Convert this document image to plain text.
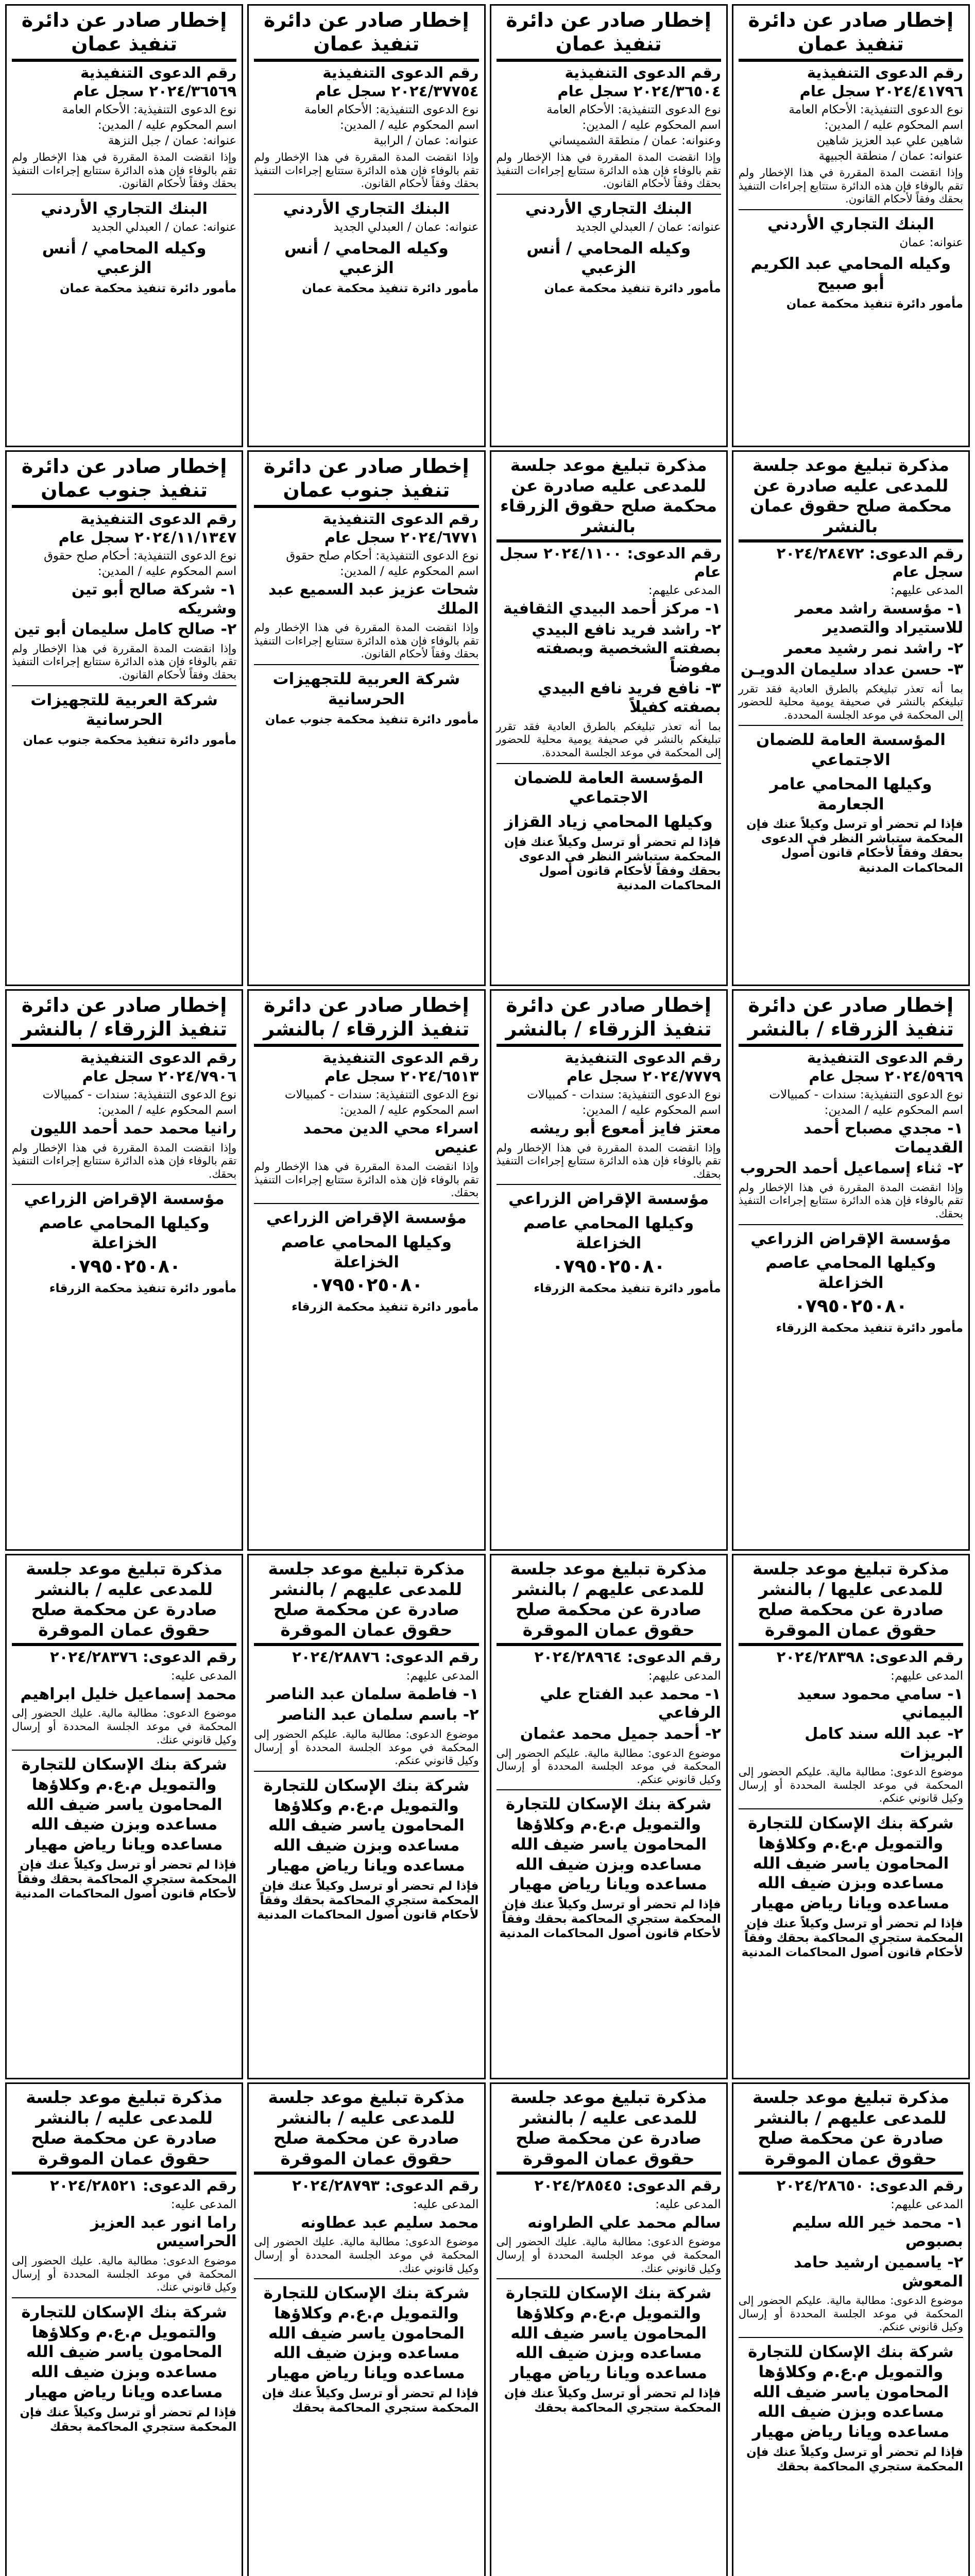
إخطار صادر عن دائرة تنفيذ عمان
رقم الدعوى التنفيذية ٢٠٢٤/٤١٧٩٦ سجل عام
نوع الدعوى التنفيذية: الأحكام العامة
اسم المحكوم عليه / المدين:
شاهين علي عبد العزيز شاهين
عنوانه: عمان / منطقة الجبيهة
وإذا انقضت المدة المقررة في هذا الإخطار ولم تقم بالوفاء فإن هذه الدائرة ستتابع إجراءات التنفيذ بحقك وفقاً لأحكام القانون.
البنك التجاري الأردني
عنوانه: عمان
وكيله المحامي عبد الكريم أبو صبيح
مأمور دائرة تنفيذ محكمة عمان
إخطار صادر عن دائرة تنفيذ عمان
رقم الدعوى التنفيذية ٢٠٢٤/٣٦٥٠٤ سجل عام
نوع الدعوى التنفيذية: الأحكام العامة
اسم المحكوم عليه / المدين:
وعنوانه: عمان / منطقة الشميساني
وإذا انقضت المدة المقررة في هذا الإخطار ولم تقم بالوفاء فإن هذه الدائرة ستتابع إجراءات التنفيذ بحقك وفقاً لأحكام القانون.
البنك التجاري الأردني
عنوانه: عمان / العبدلي الجديد
وكيله المحامي / أنس الزعبي
مأمور دائرة تنفيذ محكمة عمان
إخطار صادر عن دائرة تنفيذ عمان
رقم الدعوى التنفيذية ٢٠٢٤/٣٧٧٥٤ سجل عام
نوع الدعوى التنفيذية: الأحكام العامة
اسم المحكوم عليه / المدين:
عنوانه: عمان / الرابية
وإذا انقضت المدة المقررة في هذا الإخطار ولم تقم بالوفاء فإن هذه الدائرة ستتابع إجراءات التنفيذ بحقك وفقاً لأحكام القانون.
البنك التجاري الأردني
عنوانه: عمان / العبدلي الجديد
وكيله المحامي / أنس الزعبي
مأمور دائرة تنفيذ محكمة عمان
إخطار صادر عن دائرة تنفيذ عمان
رقم الدعوى التنفيذية ٢٠٢٤/٣٦٥٦٩ سجل عام
نوع الدعوى التنفيذية: الأحكام العامة
اسم المحكوم عليه / المدين:
عنوانه: عمان / جبل النزهة
وإذا انقضت المدة المقررة في هذا الإخطار ولم تقم بالوفاء فإن هذه الدائرة ستتابع إجراءات التنفيذ بحقك وفقاً لأحكام القانون.
البنك التجاري الأردني
عنوانه: عمان / العبدلي الجديد
وكيله المحامي / أنس الزعبي
مأمور دائرة تنفيذ محكمة عمان
مذكرة تبليغ موعد جلسة للمدعى عليه صادرة عن محكمة صلح حقوق عمان بالنشر
رقم الدعوى: ٢٠٢٤/٢٨٤٧٢ سجل عام
المدعى عليهم:
١- مؤسسة راشد معمر للاستيراد والتصدير
٢- راشد نمر رشيد معمر
٣- حسن عداد سليمان الدويـن
بما أنه تعذر تبليغكم بالطرق العادية فقد تقرر تبليغكم بالنشر في صحيفة يومية محلية للحضور إلى المحكمة في موعد الجلسة المحددة.
المؤسسة العامة للضمان الاجتماعي
وكيلها المحامي عامر الجعارمة
فإذا لم تحضر أو ترسل وكيلاً عنك فإن المحكمة ستباشر النظر في الدعوى بحقك وفقاً لأحكام قانون أصول المحاكمات المدنية
مذكرة تبليغ موعد جلسة للمدعى عليه صادرة عن محكمة صلح حقوق الزرقاء بالنشر
رقم الدعوى: ٢٠٢٤/١١٠٠ سجل عام
المدعى عليهم:
١- مركز أحمد البيدي الثقافية
٢- راشد فريد نافع البيدي بصفته الشخصية وبصفته مفوضاً
٣- نافع فريد نافع البيدي بصفته كفيلاً
بما أنه تعذر تبليغكم بالطرق العادية فقد تقرر تبليغكم بالنشر في صحيفة يومية محلية للحضور إلى المحكمة في موعد الجلسة المحددة.
المؤسسة العامة للضمان الاجتماعي
وكيلها المحامي زياد القزاز
فإذا لم تحضر أو ترسل وكيلاً عنك فإن المحكمة ستباشر النظر في الدعوى بحقك وفقاً لأحكام قانون أصول المحاكمات المدنية
إخطار صادر عن دائرة تنفيذ جنوب عمان
رقم الدعوى التنفيذية ٢٠٢٤/٦٧٧١ سجل عام
نوع الدعوى التنفيذية: أحكام صلح حقوق
اسم المحكوم عليه / المدين:
شحات عزيز عبد السميع عبد الملك
وإذا انقضت المدة المقررة في هذا الإخطار ولم تقم بالوفاء فإن هذه الدائرة ستتابع إجراءات التنفيذ بحقك وفقاً لأحكام القانون.
شركة العربية للتجهيزات الحرسانية
مأمور دائرة تنفيذ محكمة جنوب عمان
إخطار صادر عن دائرة تنفيذ جنوب عمان
رقم الدعوى التنفيذية ٢٠٢٤/١١/١٣٤٧ سجل عام
نوع الدعوى التنفيذية: أحكام صلح حقوق
اسم المحكوم عليه / المدين:
١- شركة صالح أبو تين وشريكه
٢- صالح كامل سليمان أبو تين
وإذا انقضت المدة المقررة في هذا الإخطار ولم تقم بالوفاء فإن هذه الدائرة ستتابع إجراءات التنفيذ بحقك وفقاً لأحكام القانون.
شركة العربية للتجهيزات الحرسانية
مأمور دائرة تنفيذ محكمة جنوب عمان
إخطار صادر عن دائرة تنفيذ الزرقاء / بالنشر
رقم الدعوى التنفيذية ٢٠٢٤/٥٩٦٩ سجل عام
نوع الدعوى التنفيذية: سندات - كمبيالات
اسم المحكوم عليه / المدين:
١- مجدي مصباح أحمد القديمات
٢- ثناء إسماعيل أحمد الحروب
وإذا انقضت المدة المقررة في هذا الإخطار ولم تقم بالوفاء فإن هذه الدائرة ستتابع إجراءات التنفيذ بحقك.
مؤسسة الإقراض الزراعي
وكيلها المحامي عاصم الخزاعلة
٠٧٩٥٠٢٥٠٨٠
مأمور دائرة تنفيذ محكمة الزرقاء
إخطار صادر عن دائرة تنفيذ الزرقاء / بالنشر
رقم الدعوى التنفيذية ٢٠٢٤/٧٧٧٩ سجل عام
نوع الدعوى التنفيذية: سندات - كمبيالات
اسم المحكوم عليه / المدين:
معتز فايز أمعوع أبو ريشه
وإذا انقضت المدة المقررة في هذا الإخطار ولم تقم بالوفاء فإن هذه الدائرة ستتابع إجراءات التنفيذ بحقك.
مؤسسة الإقراض الزراعي
وكيلها المحامي عاصم الخزاعلة
٠٧٩٥٠٢٥٠٨٠
مأمور دائرة تنفيذ محكمة الزرقاء
إخطار صادر عن دائرة تنفيذ الزرقاء / بالنشر
رقم الدعوى التنفيذية ٢٠٢٤/٦٥١٣ سجل عام
نوع الدعوى التنفيذية: سندات - كمبيالات
اسم المحكوم عليه / المدين:
اسراء محي الدين محمد عنيص
وإذا انقضت المدة المقررة في هذا الإخطار ولم تقم بالوفاء فإن هذه الدائرة ستتابع إجراءات التنفيذ بحقك.
مؤسسة الإقراض الزراعي
وكيلها المحامي عاصم الخزاعلة
٠٧٩٥٠٢٥٠٨٠
مأمور دائرة تنفيذ محكمة الزرقاء
إخطار صادر عن دائرة تنفيذ الزرقاء / بالنشر
رقم الدعوى التنفيذية ٢٠٢٤/٧٩٠٦ سجل عام
نوع الدعوى التنفيذية: سندات - كمبيالات
اسم المحكوم عليه / المدين:
رانيا محمد حمد أحمد الليون
وإذا انقضت المدة المقررة في هذا الإخطار ولم تقم بالوفاء فإن هذه الدائرة ستتابع إجراءات التنفيذ بحقك.
مؤسسة الإقراض الزراعي
وكيلها المحامي عاصم الخزاعلة
٠٧٩٥٠٢٥٠٨٠
مأمور دائرة تنفيذ محكمة الزرقاء
مذكرة تبليغ موعد جلسة للمدعى عليها / بالنشر صادرة عن محكمة صلح حقوق عمان الموقرة
رقم الدعوى: ٢٠٢٤/٢٨٣٩٨
المدعى عليهم:
١- سامي محمود سعيد البيماني
٢- عبد الله سند كامل البريزات
موضوع الدعوى: مطالبة مالية. عليكم الحضور إلى المحكمة في موعد الجلسة المحددة أو إرسال وكيل قانوني عنكم.
شركة بنك الإسكان للتجارة والتمويل م.ع.م وكلاؤها المحامون ياسر ضيف الله مساعده وبزن ضيف الله مساعده ويانا رياض مهيار
فإذا لم تحضر أو ترسل وكيلاً عنك فإن المحكمة ستجري المحاكمة بحقك وفقاً لأحكام قانون أصول المحاكمات المدنية
مذكرة تبليغ موعد جلسة للمدعى عليهم / بالنشر صادرة عن محكمة صلح حقوق عمان الموقرة
رقم الدعوى: ٢٠٢٤/٢٨٩٦٤
المدعى عليهم:
١- محمد عبد الفتاح علي الرفاعي
٢- أحمد جميل محمد عثمان
موضوع الدعوى: مطالبة مالية. عليكم الحضور إلى المحكمة في موعد الجلسة المحددة أو إرسال وكيل قانوني عنكم.
شركة بنك الإسكان للتجارة والتمويل م.ع.م وكلاؤها المحامون ياسر ضيف الله مساعده وبزن ضيف الله مساعده ويانا رياض مهيار
فإذا لم تحضر أو ترسل وكيلاً عنك فإن المحكمة ستجري المحاكمة بحقك وفقاً لأحكام قانون أصول المحاكمات المدنية
مذكرة تبليغ موعد جلسة للمدعى عليهم / بالنشر صادرة عن محكمة صلح حقوق عمان الموقرة
رقم الدعوى: ٢٠٢٤/٢٨٨٧٦
المدعى عليهم:
١- فاطمة سلمان عبد الناصر
٢- باسم سلمان عبد الناصر
موضوع الدعوى: مطالبة مالية. عليكم الحضور إلى المحكمة في موعد الجلسة المحددة أو إرسال وكيل قانوني عنكم.
شركة بنك الإسكان للتجارة والتمويل م.ع.م وكلاؤها المحامون ياسر ضيف الله مساعده وبزن ضيف الله مساعده ويانا رياض مهيار
فإذا لم تحضر أو ترسل وكيلاً عنك فإن المحكمة ستجري المحاكمة بحقك وفقاً لأحكام قانون أصول المحاكمات المدنية
مذكرة تبليغ موعد جلسة للمدعى عليه / بالنشر صادرة عن محكمة صلح حقوق عمان الموقرة
رقم الدعوى: ٢٠٢٤/٢٨٣٧٦
المدعى عليه:
محمد إسماعيل خليل ابراهيم
موضوع الدعوى: مطالبة مالية. عليك الحضور إلى المحكمة في موعد الجلسة المحددة أو إرسال وكيل قانوني عنك.
شركة بنك الإسكان للتجارة والتمويل م.ع.م وكلاؤها المحامون ياسر ضيف الله مساعده وبزن ضيف الله مساعده ويانا رياض مهيار
فإذا لم تحضر أو ترسل وكيلاً عنك فإن المحكمة ستجري المحاكمة بحقك وفقاً لأحكام قانون أصول المحاكمات المدنية
مذكرة تبليغ موعد جلسة للمدعى عليهم / بالنشر صادرة عن محكمة صلح حقوق عمان الموقرة
رقم الدعوى: ٢٠٢٤/٢٨٦٥٠
المدعى عليهم:
١- محمد خير الله سليم بصبوص
٢- ياسمين ارشيد حامد المعوش
موضوع الدعوى: مطالبة مالية. عليكم الحضور إلى المحكمة في موعد الجلسة المحددة أو إرسال وكيل قانوني عنكم.
شركة بنك الإسكان للتجارة والتمويل م.ع.م وكلاؤها المحامون ياسر ضيف الله مساعده وبزن ضيف الله مساعده ويانا رياض مهيار
فإذا لم تحضر أو ترسل وكيلاً عنك فإن المحكمة ستجري المحاكمة بحقك
مذكرة تبليغ موعد جلسة للمدعى عليه / بالنشر صادرة عن محكمة صلح حقوق عمان الموقرة
رقم الدعوى: ٢٠٢٤/٢٨٥٤٥
المدعى عليه:
سالم محمد علي الطراونه
موضوع الدعوى: مطالبة مالية. عليك الحضور إلى المحكمة في موعد الجلسة المحددة أو إرسال وكيل قانوني عنك.
شركة بنك الإسكان للتجارة والتمويل م.ع.م وكلاؤها المحامون ياسر ضيف الله مساعده وبزن ضيف الله مساعده ويانا رياض مهيار
فإذا لم تحضر أو ترسل وكيلاً عنك فإن المحكمة ستجري المحاكمة بحقك
مذكرة تبليغ موعد جلسة للمدعى عليه / بالنشر صادرة عن محكمة صلح حقوق عمان الموقرة
رقم الدعوى: ٢٠٢٤/٢٨٧٩٣
المدعى عليه:
محمد سليم عبد عطاونه
موضوع الدعوى: مطالبة مالية. عليك الحضور إلى المحكمة في موعد الجلسة المحددة أو إرسال وكيل قانوني عنك.
شركة بنك الإسكان للتجارة والتمويل م.ع.م وكلاؤها المحامون ياسر ضيف الله مساعده وبزن ضيف الله مساعده ويانا رياض مهيار
فإذا لم تحضر أو ترسل وكيلاً عنك فإن المحكمة ستجري المحاكمة بحقك
مذكرة تبليغ موعد جلسة للمدعى عليه / بالنشر صادرة عن محكمة صلح حقوق عمان الموقرة
رقم الدعوى: ٢٠٢٤/٢٨٥٢١
المدعى عليه:
راما انور عبد العزيز الحراسيس
موضوع الدعوى: مطالبة مالية. عليك الحضور إلى المحكمة في موعد الجلسة المحددة أو إرسال وكيل قانوني عنك.
شركة بنك الإسكان للتجارة والتمويل م.ع.م وكلاؤها المحامون ياسر ضيف الله مساعده وبزن ضيف الله مساعده ويانا رياض مهيار
فإذا لم تحضر أو ترسل وكيلاً عنك فإن المحكمة ستجري المحاكمة بحقك
